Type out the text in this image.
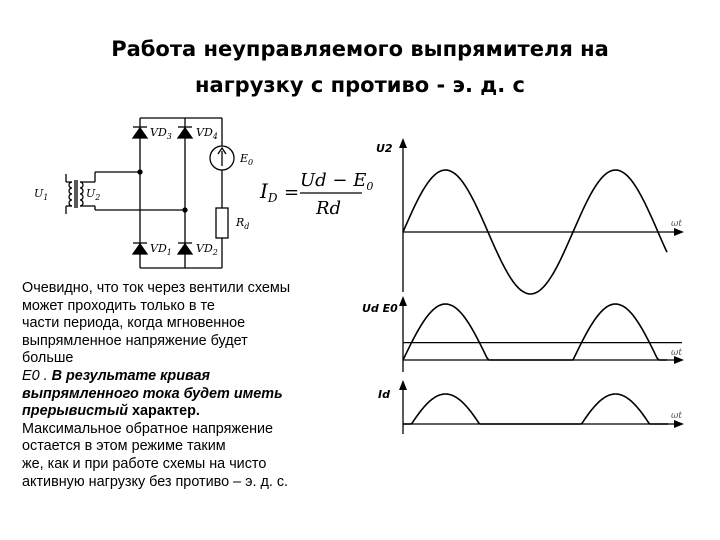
Работа неуправляемого выпрямителя на
нагрузку с противо - э. д. с
$U_1$	$U_2$
$VD_3$ $VD_4$
$VD_1$ $VD_2$
$E_0$
$R_d$
$I_D$ =
$Ud - E_0$
Rd
U2
ωt
Ud E0
ωt
Id
ωt
Очевидно, что ток через вентили схемы
может проходить только в те
части периода, когда мгновенное
выпрямленное напряжение будет
больше
E0 . В результате кривая
выпрямленного тока будет иметь
прерывистый характер.
Максимальное обратное напряжение
остается в этом режиме таким
же, как и при работе схемы на чисто
активную нагрузку без противо – э. д. с.
